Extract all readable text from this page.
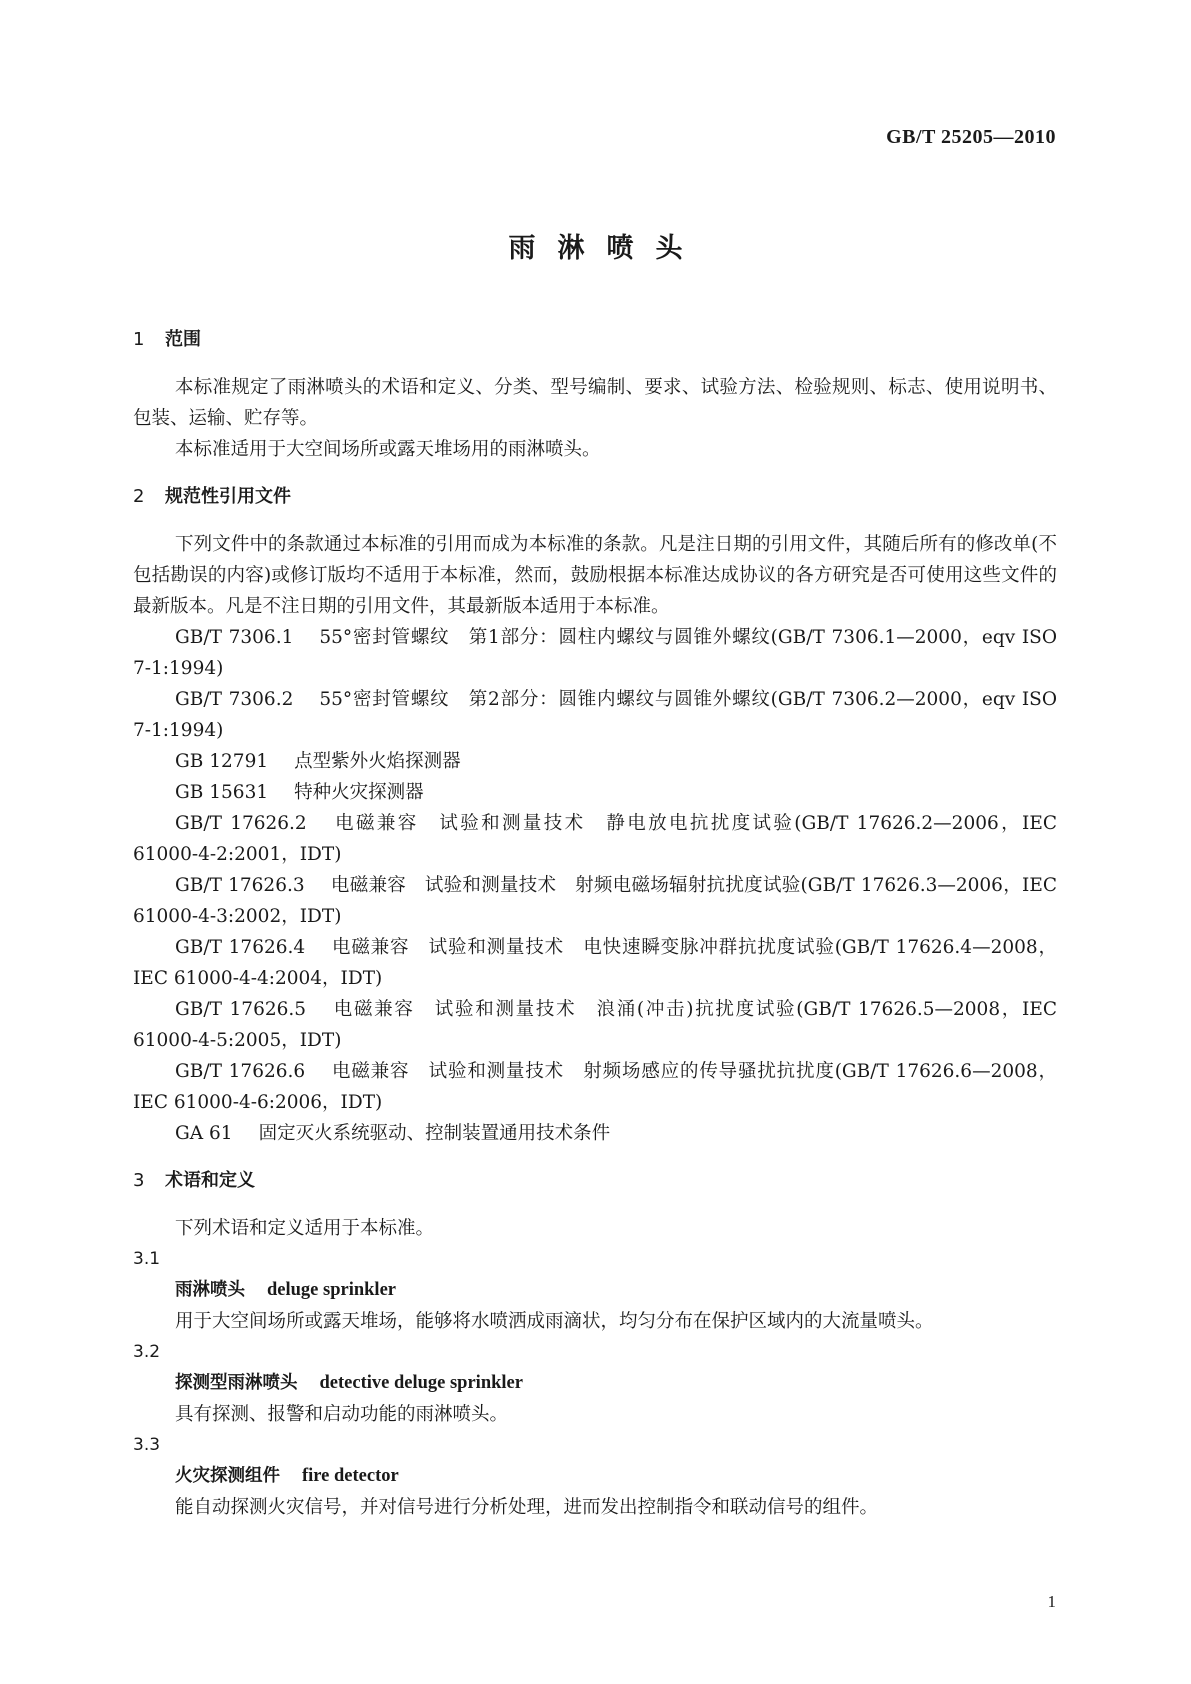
GB/T 25205—2010
雨淋喷头
1 范围
本标准规定了雨淋喷头的术语和定义、分类、型号编制、要求、试验方法、检验规则、标志、使用说明书、包装、运输、贮存等。
本标准适用于大空间场所或露天堆场用的雨淋喷头。
2 规范性引用文件
下列文件中的条款通过本标准的引用而成为本标准的条款。凡是注日期的引用文件，其随后所有的修改单(不包括勘误的内容)或修订版均不适用于本标准，然而，鼓励根据本标准达成协议的各方研究是否可使用这些文件的最新版本。凡是不注日期的引用文件，其最新版本适用于本标准。
GB/T 7306.1 55°密封管螺纹　第1部分：圆柱内螺纹与圆锥外螺纹(GB/T 7306.1—2000，eqv ISO 7-1:1994)
GB/T 7306.2 55°密封管螺纹　第2部分：圆锥内螺纹与圆锥外螺纹(GB/T 7306.2—2000，eqv ISO 7-1:1994)
GB 12791 点型紫外火焰探测器
GB 15631 特种火灾探测器
GB/T 17626.2 电磁兼容　试验和测量技术　静电放电抗扰度试验(GB/T 17626.2—2006，IEC 61000-4-2:2001，IDT)
GB/T 17626.3 电磁兼容　试验和测量技术　射频电磁场辐射抗扰度试验(GB/T 17626.3—2006，IEC 61000-4-3:2002，IDT)
GB/T 17626.4 电磁兼容　试验和测量技术　电快速瞬变脉冲群抗扰度试验(GB/T 17626.4—2008，IEC 61000-4-4:2004，IDT)
GB/T 17626.5 电磁兼容　试验和测量技术　浪涌(冲击)抗扰度试验(GB/T 17626.5—2008，IEC 61000-4-5:2005，IDT)
GB/T 17626.6 电磁兼容　试验和测量技术　射频场感应的传导骚扰抗扰度(GB/T 17626.6—2008，IEC 61000-4-6:2006，IDT)
GA 61 固定灭火系统驱动、控制装置通用技术条件
3 术语和定义
下列术语和定义适用于本标准。
3.1
雨淋喷头 deluge sprinkler
用于大空间场所或露天堆场，能够将水喷洒成雨滴状，均匀分布在保护区域内的大流量喷头。
3.2
探测型雨淋喷头 detective deluge sprinkler
具有探测、报警和启动功能的雨淋喷头。
3.3
火灾探测组件 fire detector
能自动探测火灾信号，并对信号进行分析处理，进而发出控制指令和联动信号的组件。
1
